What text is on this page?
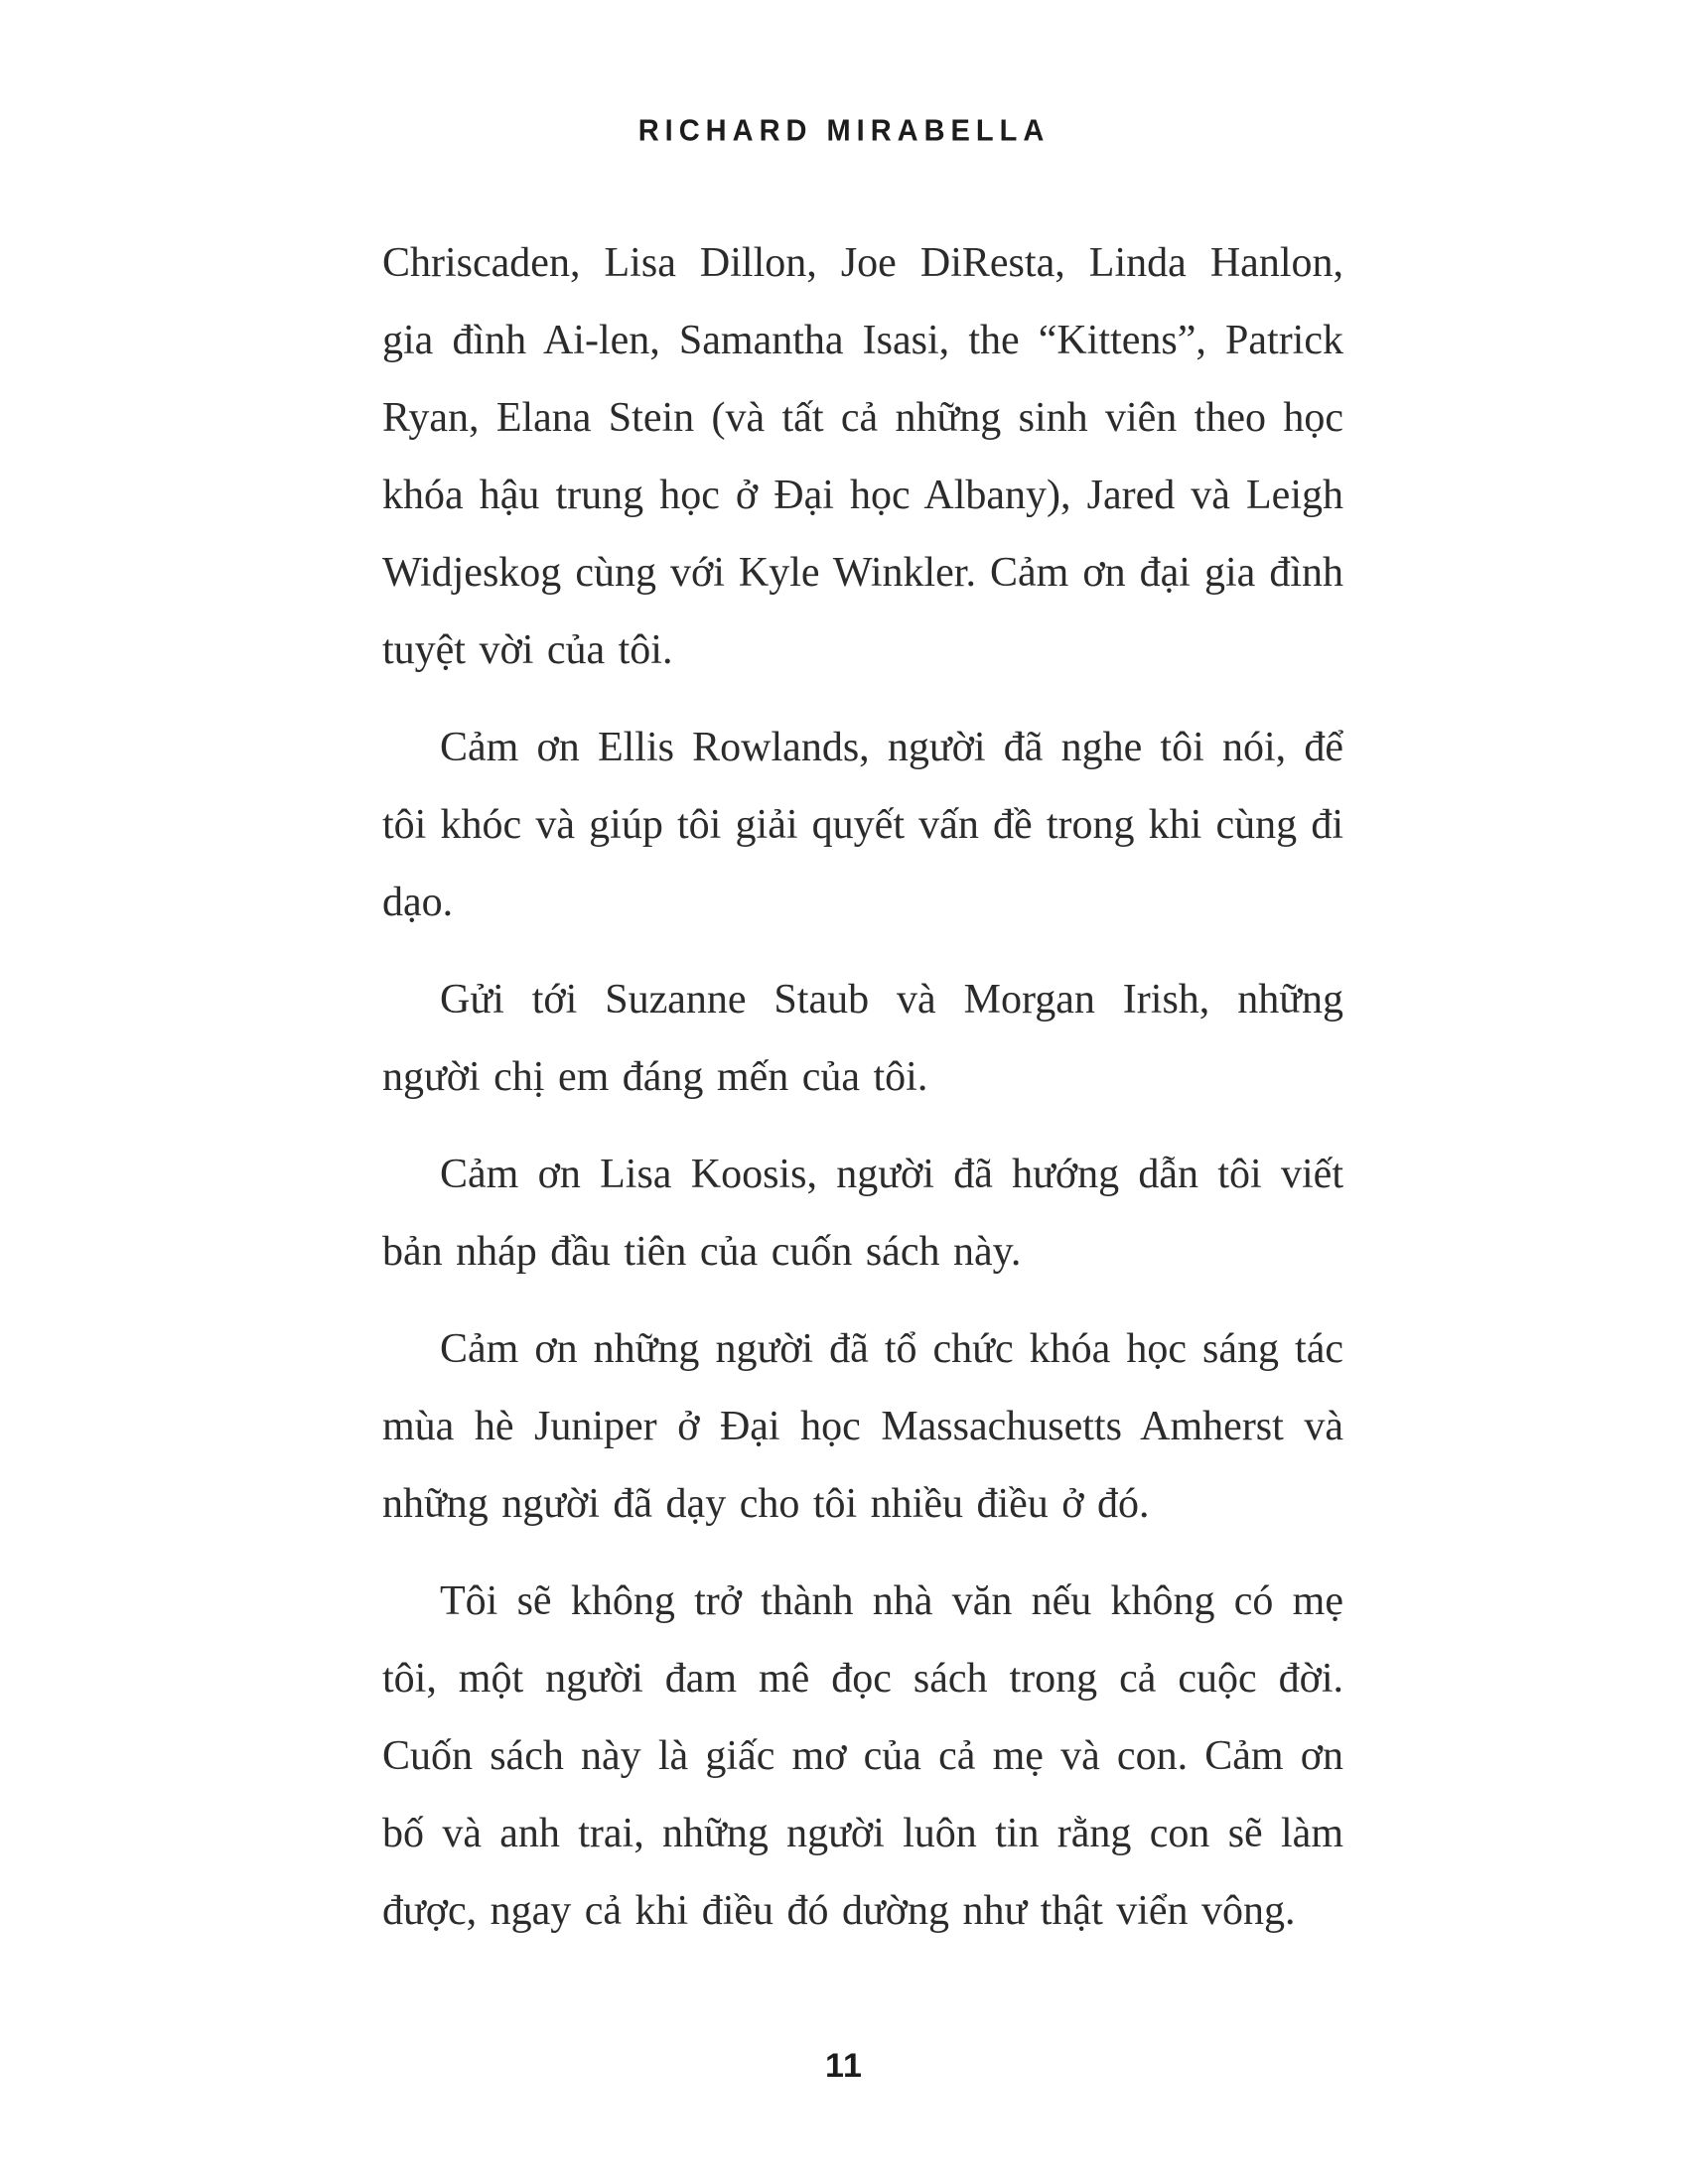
RICHARD MIRABELLA

Chriscaden, Lisa Dillon, Joe DiResta, Linda Hanlon, gia đình Ai-len, Samantha Isasi, the “Kittens”, Patrick Ryan, Elana Stein (và tất cả những sinh viên theo học khóa hậu trung học ở Đại học Albany), Jared và Leigh Widjeskog cùng với Kyle Winkler. Cảm ơn đại gia đình tuyệt vời của tôi.

Cảm ơn Ellis Rowlands, người đã nghe tôi nói, để tôi khóc và giúp tôi giải quyết vấn đề trong khi cùng đi dạo.

Gửi tới Suzanne Staub và Morgan Irish, những người chị em đáng mến của tôi.

Cảm ơn Lisa Koosis, người đã hướng dẫn tôi viết bản nháp đầu tiên của cuốn sách này.

Cảm ơn những người đã tổ chức khóa học sáng tác mùa hè Juniper ở Đại học Massachusetts Amherst và những người đã dạy cho tôi nhiều điều ở đó.

Tôi sẽ không trở thành nhà văn nếu không có mẹ tôi, một người đam mê đọc sách trong cả cuộc đời. Cuốn sách này là giấc mơ của cả mẹ và con. Cảm ơn bố và anh trai, những người luôn tin rằng con sẽ làm được, ngay cả khi điều đó dường như thật viển vông.

11
